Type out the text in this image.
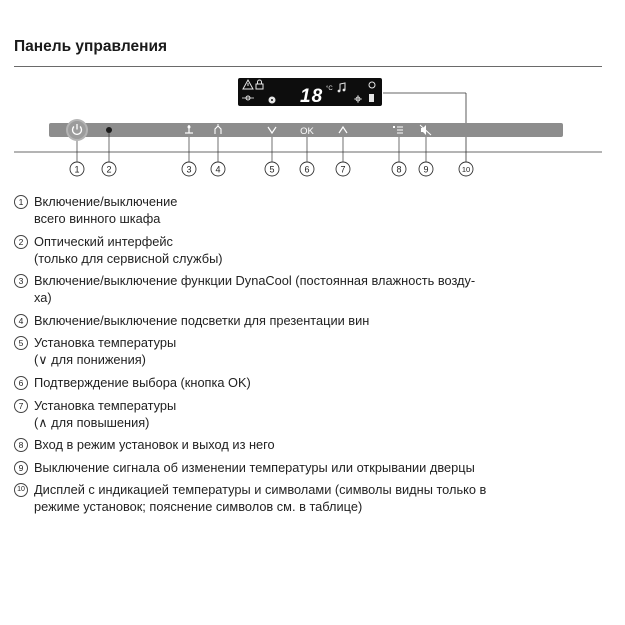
Панель управления
18 °C
OK
1	2	3	4	5	6	7	8 9	10
1 Включение/выключение
всего винного шкафа
2 Оптический интерфейс
(только для сервисной службы)
3 Включение/выключение функции DynaCool (постоянная влажность возду-
ха)
4 Включение/выключение подсветки для презентации вин
5 Установка температуры
(∨ для понижения)
6 Подтверждение выбора (кнопка OK)
7 Установка температуры
(∧ для повышения)
8 Вход в режим установок и выход из него
9 Выключение сигнала об изменении температуры или открывании дверцы
10 Дисплей с индикацией температуры и символами (символы видны только в
режиме установок; пояснение символов см. в таблице)
